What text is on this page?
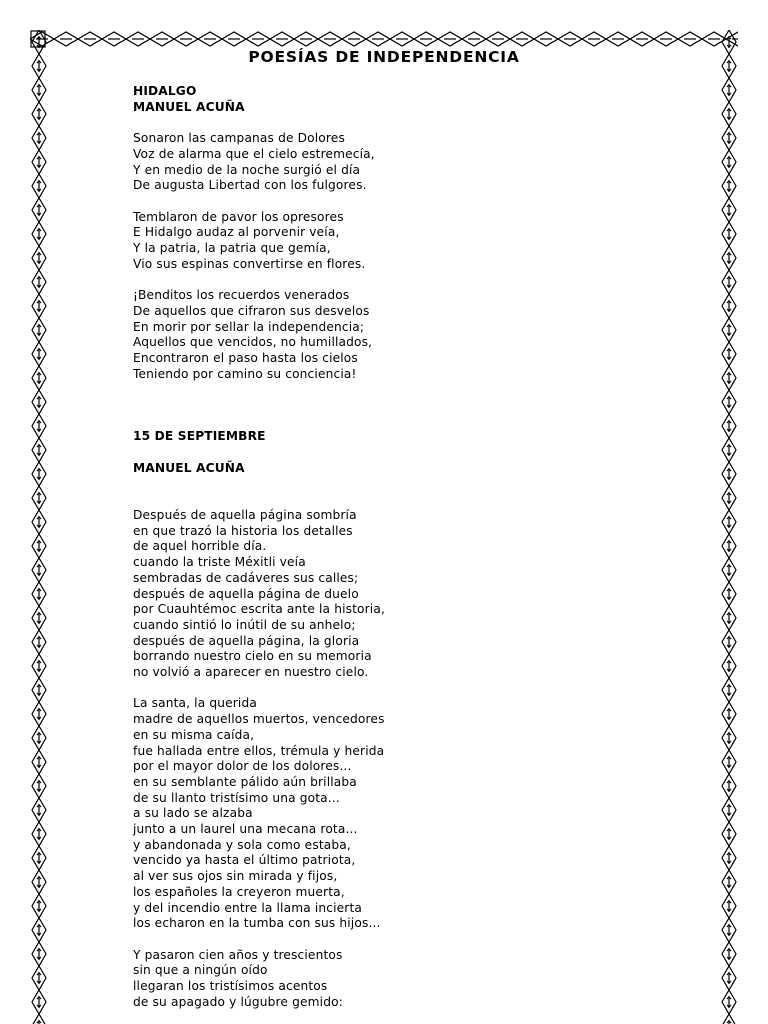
POESÍAS DE INDEPENDENCIA
HIDALGO
MANUEL ACUÑA

Sonaron las campanas de Dolores
Voz de alarma que el cielo estremecía,
Y en medio de la noche surgió el día
De augusta Libertad con los fulgores.

Temblaron de pavor los opresores
E Hidalgo audaz al porvenir veía,
Y la patria, la patria que gemía,
Vio sus espinas convertirse en flores.

¡Benditos los recuerdos venerados
De aquellos que cifraron sus desvelos
En morir por sellar la independencia;
Aquellos que vencidos, no humillados,
Encontraron el paso hasta los cielos
Teniendo por camino su conciencia!

15 DE SEPTIEMBRE

MANUEL ACUÑA

Después de aquella página sombría
en que trazó la historia los detalles
de aquel horrible día.
cuando la triste Méxitli veía
sembradas de cadáveres sus calles;
después de aquella página de duelo
por Cuauhtémoc escrita ante la historia,
cuando sintió lo inútil de su anhelo;
después de aquella página, la gloria
borrando nuestro cielo en su memoria
no volvió a aparecer en nuestro cielo.

La santa, la querida
madre de aquellos muertos, vencedores
en su misma caída,
fue hallada entre ellos, trémula y herida
por el mayor dolor de los dolores...
en su semblante pálido aún brillaba
de su llanto tristísimo una gota...
a su lado se alzaba
junto a un laurel una mecana rota...
y abandonada y sola como estaba,
vencido ya hasta el último patriota,
al ver sus ojos sin mirada y fijos,
los españoles la creyeron muerta,
y del incendio entre la llama incierta
los echaron en la tumba con sus hijos...

Y pasaron cien años y trescientos
sin que a ningún oído
llegaran los tristísimos acentos
de su apagado y lúgubre gemido:
